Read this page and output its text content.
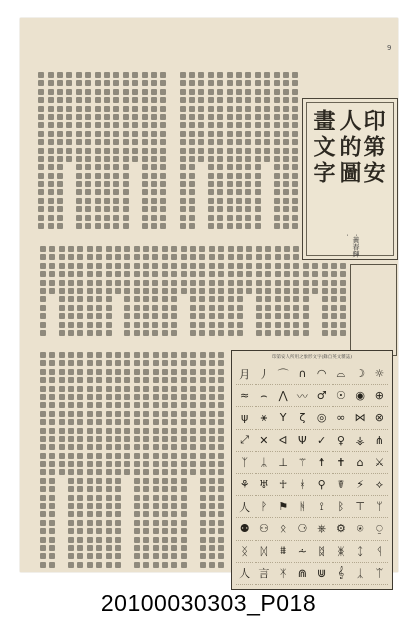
9
印第安
人的圖
畫文字
·黃春輝·
印第安人所用之象形文字(錄自英文雜誌)
月 丿 ⌒ ∩ ◠ ⌓ ☽ ☼
≈	⌢	⋀ 〰 ♂ ☉ ◉ ⊕
ψ	⚹	Y	ζ	◎ ∞ ⋈ ⊗
⤢ ✕ ᐊ Ψ ✓ ♀ ⚶ ⋔
ᛉ	ᛦ	⊥ ⚚	☨	✝	⌂ ⚔
⚘ ♅ ☥	ᚼ	⚲	☤	⚡	⟡
人 ᚹ	⚑	ᚻ	⟟	ᛒ	⊤	ᛘ
⚉ ⚇	ᛟ	⚆ ⎈ ⚙	⍟	⍜
ᛝ	ᛞ	⩩	⩪	ᛥ	ᛤ	ᛨ	ᛩ
人 言 ᛡ	⋒ ⋓	𝄞	ᛣ	ᛠ
20100030303_P018
